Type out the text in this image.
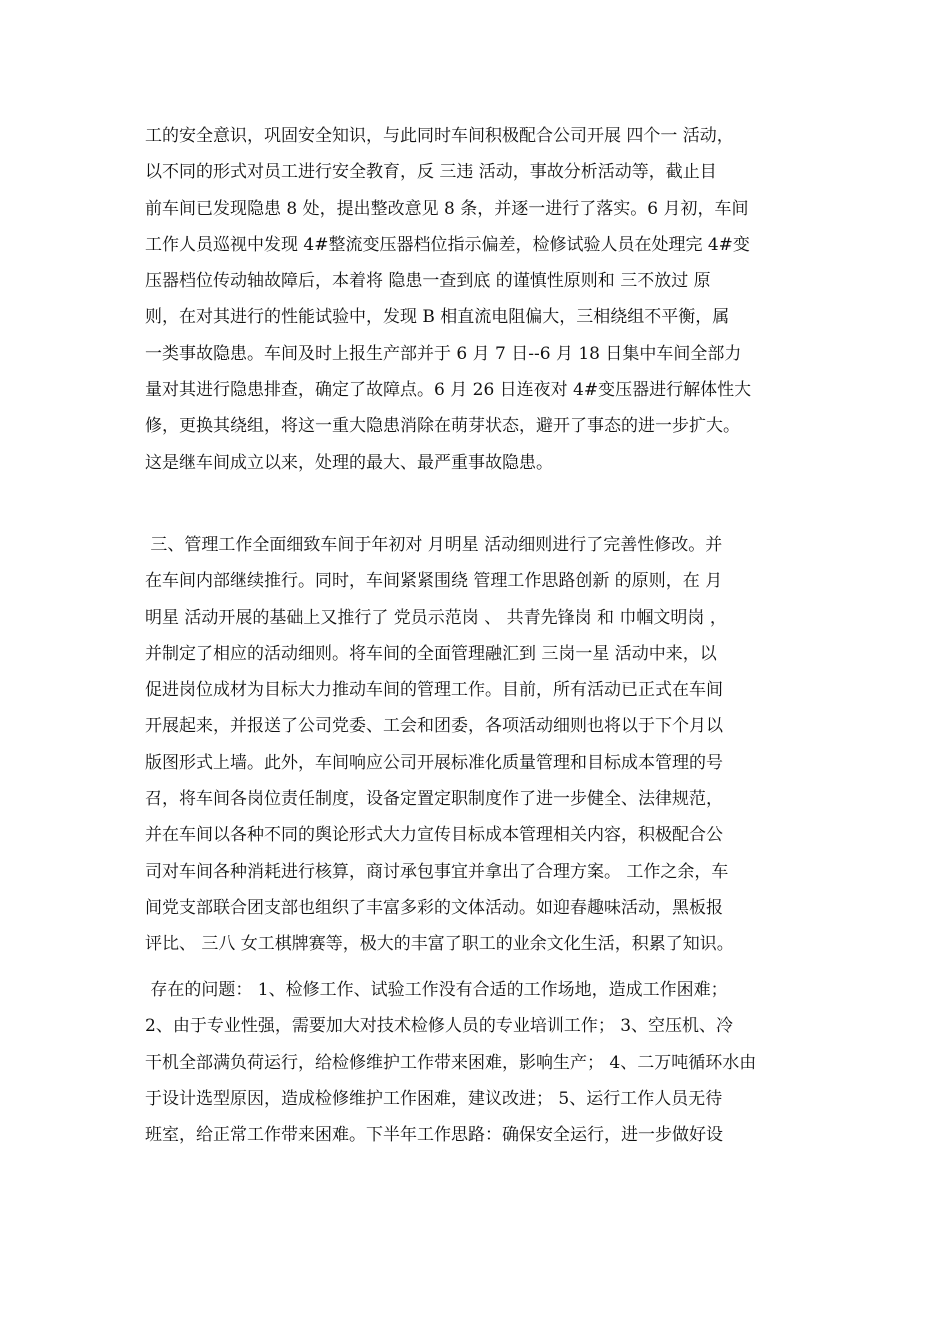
工的安全意识，巩固安全知识，与此同时车间积极配合公司开展 四个一 活动，
以不同的形式对员工进行安全教育，反 三违 活动，事故分析活动等，截止目
前车间已发现隐患 8 处，提出整改意见 8 条，并逐一进行了落实。6 月初，车间
工作人员巡视中发现 4#整流变压器档位指示偏差，检修试验人员在处理完 4#变
压器档位传动轴故障后，本着将 隐患一查到底 的谨慎性原则和 三不放过 原
则，在对其进行的性能试验中，发现 B 相直流电阻偏大，三相绕组不平衡，属
一类事故隐患。车间及时上报生产部并于 6 月 7 日--6 月 18 日集中车间全部力
量对其进行隐患排查，确定了故障点。6 月 26 日连夜对 4#变压器进行解体性大
修，更换其绕组，将这一重大隐患消除在萌芽状态，避开了事态的进一步扩大。
这是继车间成立以来，处理的最大、最严重事故隐患。
三、管理工作全面细致车间于年初对 月明星 活动细则进行了完善性修改。并
在车间内部继续推行。同时，车间紧紧围绕 管理工作思路创新 的原则，在 月
明星 活动开展的基础上又推行了 党员示范岗 、 共青先锋岗 和 巾帼文明岗 ，
并制定了相应的活动细则。将车间的全面管理融汇到 三岗一星 活动中来，以
促进岗位成材为目标大力推动车间的管理工作。目前，所有活动已正式在车间
开展起来，并报送了公司党委、工会和团委，各项活动细则也将以于下个月以
版图形式上墙。此外，车间响应公司开展标准化质量管理和目标成本管理的号
召，将车间各岗位责任制度，设备定置定职制度作了进一步健全、法律规范，
并在车间以各种不同的舆论形式大力宣传目标成本管理相关内容，积极配合公
司对车间各种消耗进行核算，商讨承包事宜并拿出了合理方案。 工作之余，车
间党支部联合团支部也组织了丰富多彩的文体活动。如迎春趣味活动，黑板报
评比、 三八 女工棋牌赛等，极大的丰富了职工的业余文化生活，积累了知识。
存在的问题： 1、检修工作、试验工作没有合适的工作场地，造成工作困难；
2、由于专业性强，需要加大对技术检修人员的专业培训工作； 3、空压机、冷
干机全部满负荷运行，给检修维护工作带来困难，影响生产； 4、二万吨循环水由
于设计选型原因，造成检修维护工作困难，建议改进； 5、运行工作人员无待
班室，给正常工作带来困难。下半年工作思路：确保安全运行，进一步做好设
